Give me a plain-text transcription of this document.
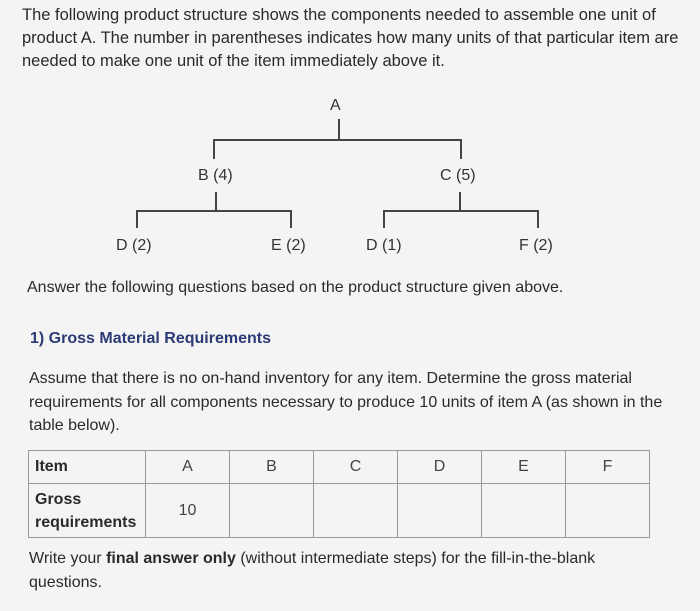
The following product structure shows the components needed to assemble one unit of product A. The number in parentheses indicates how many units of that particular item are needed to make one unit of the item immediately above it.

A
B (4)	C (5)
D (2)	E (2)	D (1)	F (2)

Answer the following questions based on the product structure given above.

1) Gross Material Requirements

Assume that there is no on-hand inventory for any item. Determine the gross material requirements for all components necessary to produce 10 units of item A (as shown in the table below).

Item	A	B	C	D	E	F
Gross requirements	10					

Write your final answer only (without intermediate steps) for the fill-in-the-blank questions.
